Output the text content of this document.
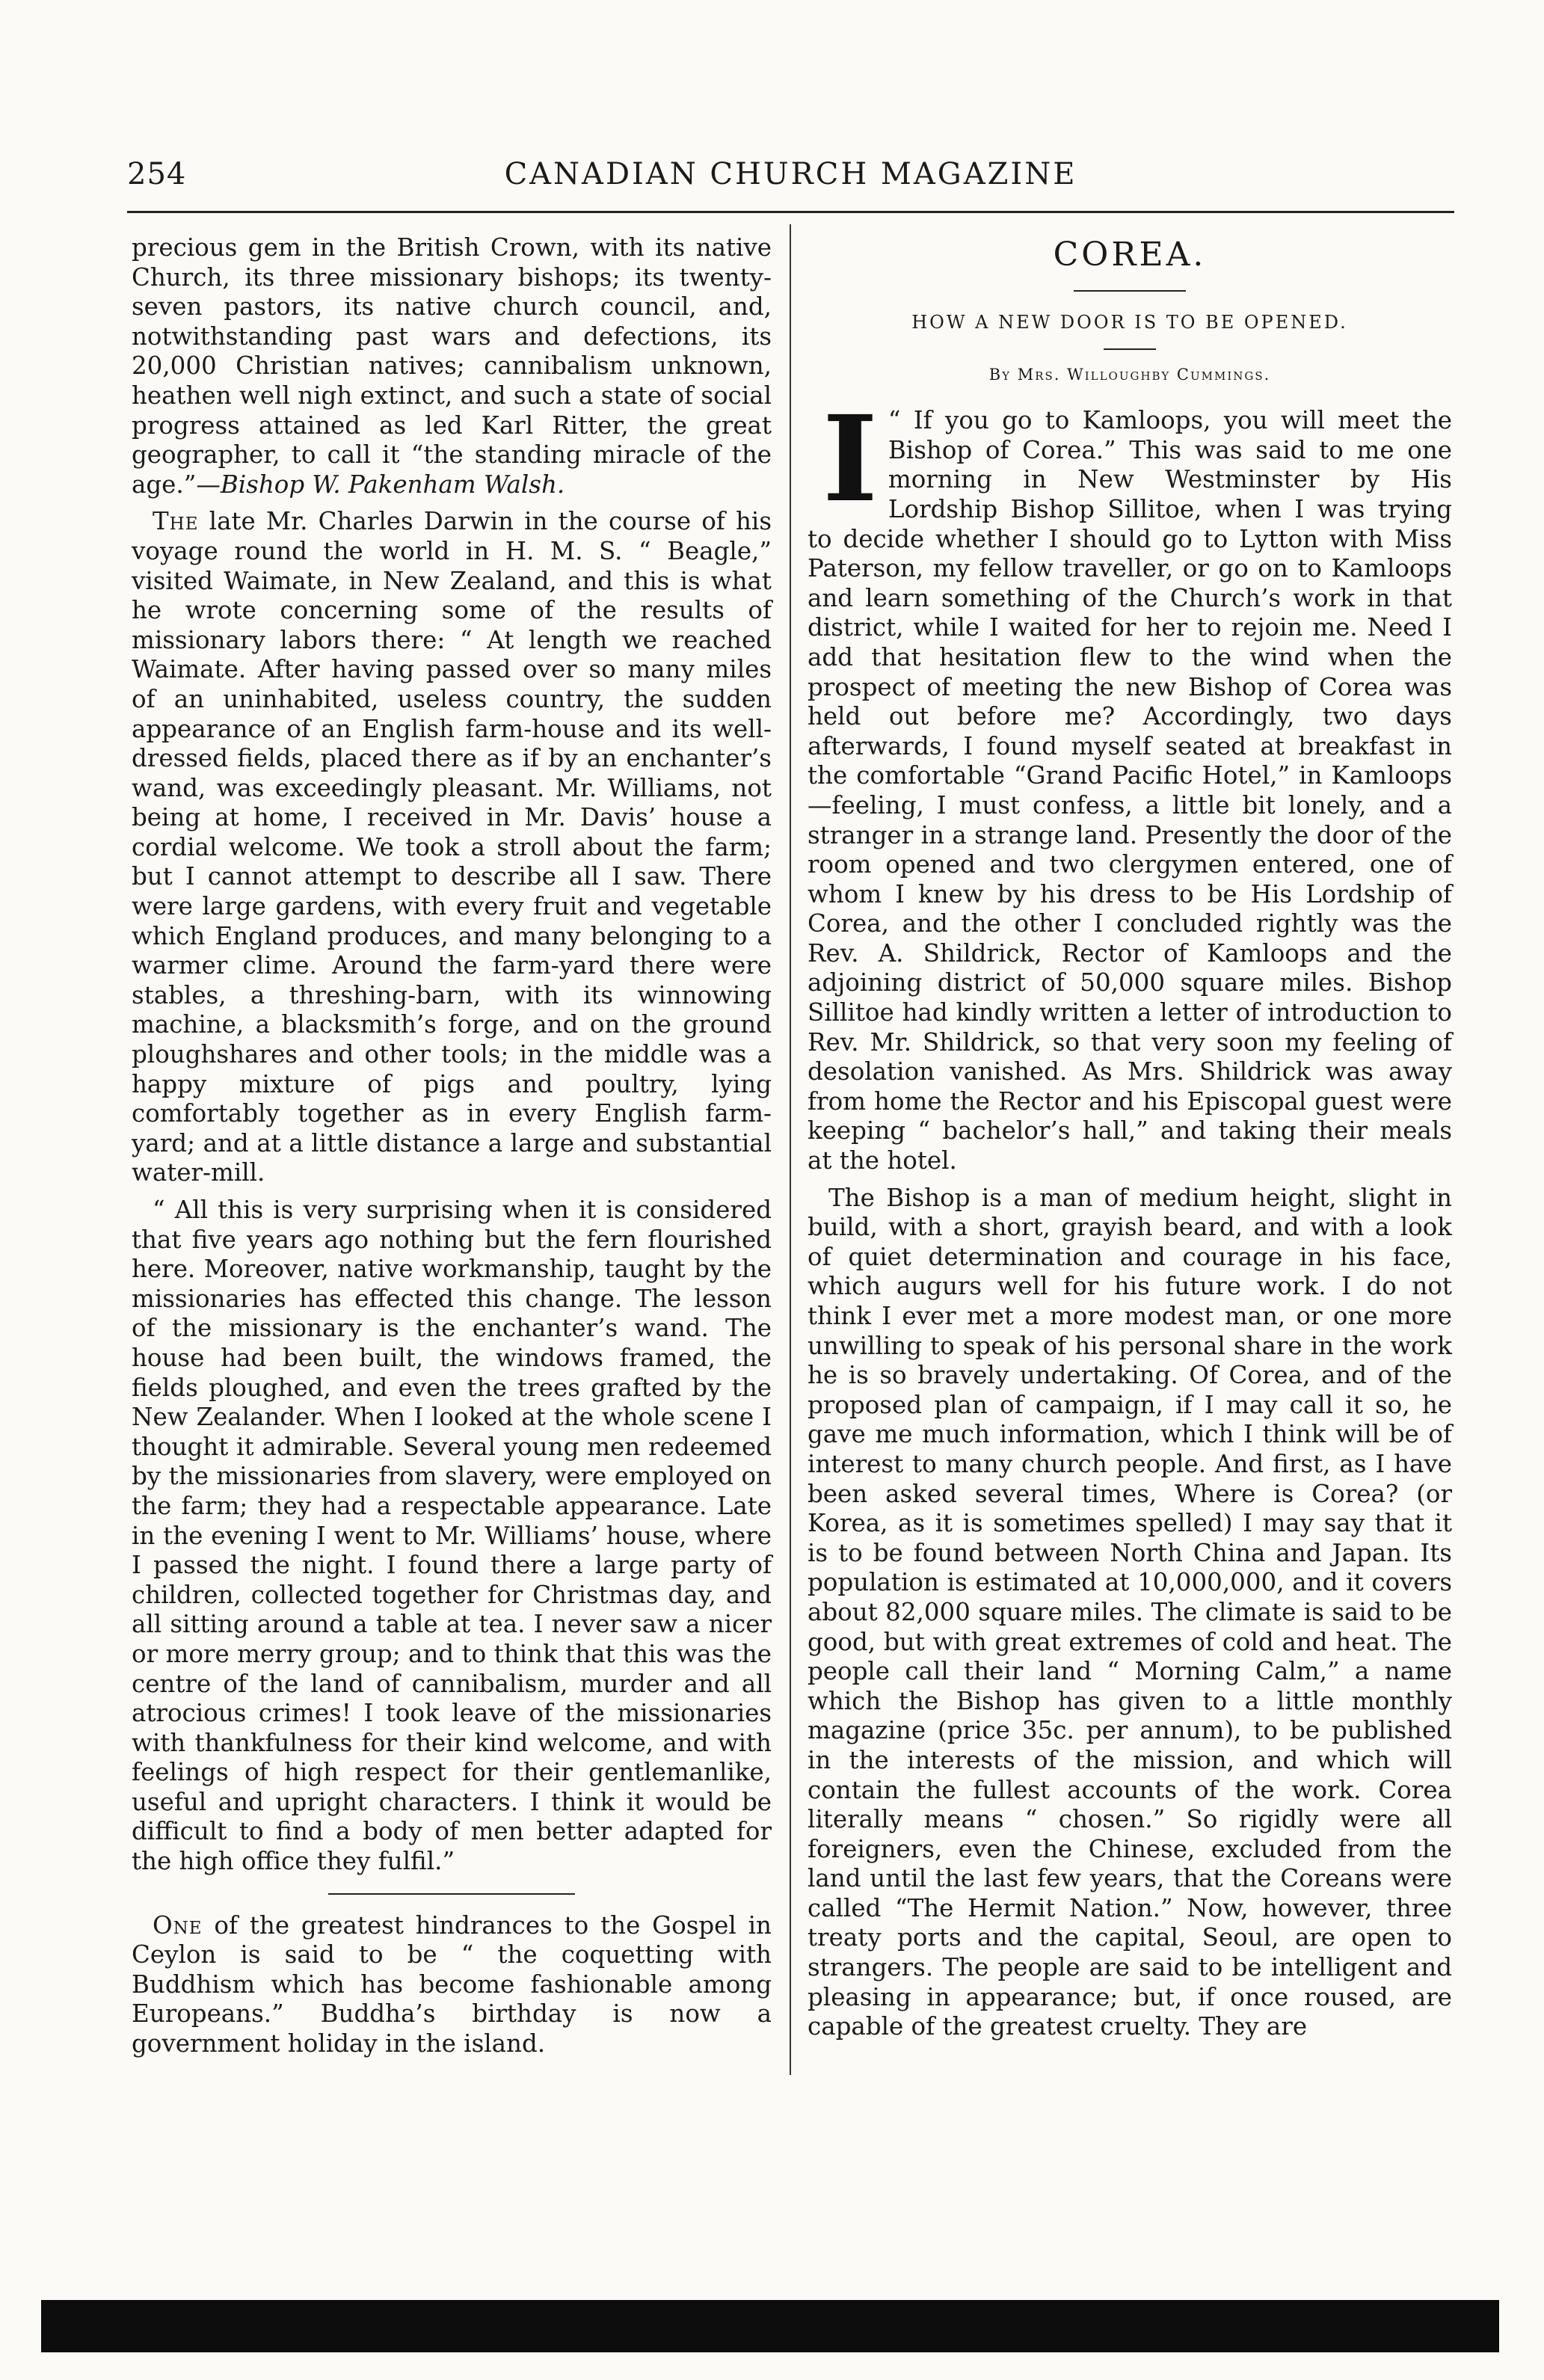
254	CANADIAN CHURCH MAGAZINE

precious gem in the British Crown, with its native Church, its three missionary bishops; its twenty-seven pastors, its native church council, and, notwithstanding past wars and defections, its 20,000 Christian natives; cannibalism unknown, heathen well nigh extinct, and such a state of social progress attained as led Karl Ritter, the great geographer, to call it “the standing miracle of the age.”—Bishop W. Pakenham Walsh.

The late Mr. Charles Darwin in the course of his voyage round the world in H. M. S. “ Beagle,” visited Waimate, in New Zealand, and this is what he wrote concerning some of the results of missionary labors there: “ At length we reached Waimate. After having passed over so many miles of an uninhabited, useless country, the sudden appearance of an English farm-house and its well-dressed fields, placed there as if by an enchanter’s wand, was exceedingly pleasant. Mr. Williams, not being at home, I received in Mr. Davis’ house a cordial welcome. We took a stroll about the farm; but I cannot attempt to describe all I saw. There were large gardens, with every fruit and vegetable which England produces, and many belonging to a warmer clime. Around the farm-yard there were stables, a threshing-barn, with its winnowing machine, a blacksmith’s forge, and on the ground ploughshares and other tools; in the middle was a happy mixture of pigs and poultry, lying comfortably together as in every English farm-yard; and at a little distance a large and substantial water-mill.

“ All this is very surprising when it is considered that five years ago nothing but the fern flourished here. Moreover, native workmanship, taught by the missionaries has effected this change. The lesson of the missionary is the enchanter’s wand. The house had been built, the windows framed, the fields ploughed, and even the trees grafted by the New Zealander. When I looked at the whole scene I thought it admirable. Several young men redeemed by the missionaries from slavery, were employed on the farm; they had a respectable appearance. Late in the evening I went to Mr. Williams’ house, where I passed the night. I found there a large party of children, collected together for Christmas day, and all sitting around a table at tea. I never saw a nicer or more merry group; and to think that this was the centre of the land of cannibalism, murder and all atrocious crimes! I took leave of the missionaries with thankfulness for their kind welcome, and with feelings of high respect for their gentlemanlike, useful and upright characters. I think it would be difficult to find a body of men better adapted for the high office they fulfil.”

One of the greatest hindrances to the Gospel in Ceylon is said to be “ the coquetting with Buddhism which has become fashionable among Europeans.” Buddha’s birthday is now a government holiday in the island.

COREA.
HOW A NEW DOOR IS TO BE OPENED.
By Mrs. Willoughby Cummings.

I “ If you go to Kamloops, you will meet the Bishop of Corea.” This was said to me one morning in New Westminster by His Lordship Bishop Sillitoe, when I was trying to decide whether I should go to Lytton with Miss Paterson, my fellow traveller, or go on to Kamloops and learn something of the Church’s work in that district, while I waited for her to rejoin me. Need I add that hesitation flew to the wind when the prospect of meeting the new Bishop of Corea was held out before me? Accordingly, two days afterwards, I found myself seated at breakfast in the comfortable “Grand Pacific Hotel,” in Kamloops—feeling, I must confess, a little bit lonely, and a stranger in a strange land. Presently the door of the room opened and two clergymen entered, one of whom I knew by his dress to be His Lordship of Corea, and the other I concluded rightly was the Rev. A. Shildrick, Rector of Kamloops and the adjoining district of 50,000 square miles. Bishop Sillitoe had kindly written a letter of introduction to Rev. Mr. Shildrick, so that very soon my feeling of desolation vanished. As Mrs. Shildrick was away from home the Rector and his Episcopal guest were keeping “ bachelor’s hall,” and taking their meals at the hotel.

The Bishop is a man of medium height, slight in build, with a short, grayish beard, and with a look of quiet determination and courage in his face, which augurs well for his future work. I do not think I ever met a more modest man, or one more unwilling to speak of his personal share in the work he is so bravely undertaking. Of Corea, and of the proposed plan of campaign, if I may call it so, he gave me much information, which I think will be of interest to many church people. And first, as I have been asked several times, Where is Corea? (or Korea, as it is sometimes spelled) I may say that it is to be found between North China and Japan. Its population is estimated at 10,000,000, and it covers about 82,000 square miles. The climate is said to be good, but with great extremes of cold and heat. The people call their land “ Morning Calm,” a name which the Bishop has given to a little monthly magazine (price 35c. per annum), to be published in the interests of the mission, and which will contain the fullest accounts of the work. Corea literally means “ chosen.” So rigidly were all foreigners, even the Chinese, excluded from the land until the last few years, that the Coreans were called “The Hermit Nation.” Now, however, three treaty ports and the capital, Seoul, are open to strangers. The people are said to be intelligent and pleasing in appearance; but, if once roused, are capable of the greatest cruelty. They are
